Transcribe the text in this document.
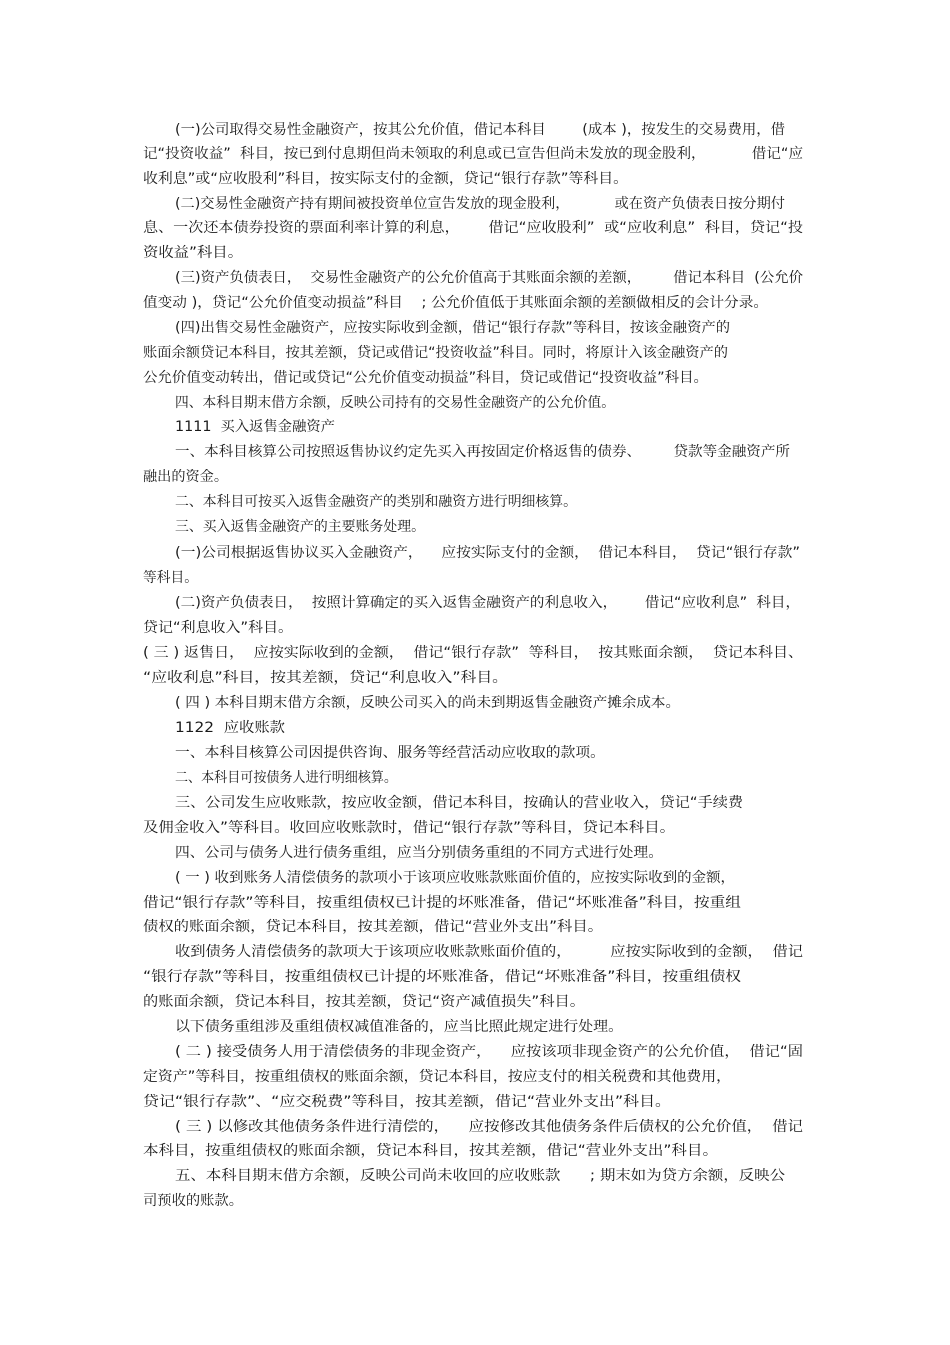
(一)公司取得交易性金融资产，按其公允价值，借记本科目        (成本 )，按发生的交易费用，借
记“投资收益”  科目，按已到付息期但尚未领取的利息或已宣告但尚未发放的现金股利，          借记“应
收利息”或“应收股利”科目，按实际支付的金额，贷记“银行存款”等科目。
(二)交易性金融资产持有期间被投资单位宣告发放的现金股利，          或在资产负债表日按分期付
息、一次还本债券投资的票面利率计算的利息，      借记“应收股利”  或“应收利息”  科目，贷记“投
资收益”科目。
(三)资产负债表日，  交易性金融资产的公允价值高于其账面余额的差额，       借记本科目  (公允价
值变动 )，贷记“公允价值变动损益”科目    ; 公允价值低于其账面余额的差额做相反的会计分录。
(四)出售交易性金融资产，应按实际收到金额，借记“银行存款”等科目，按该金融资产的
账面余额贷记本科目，按其差额，贷记或借记“投资收益”科目。同时，将原计入该金融资产的
公允价值变动转出，借记或贷记“公允价值变动损益”科目，贷记或借记“投资收益”科目。
四、本科目期末借方余额，反映公司持有的交易性金融资产的公允价值。
1111  买入返售金融资产
一、本科目核算公司按照返售协议约定先买入再按固定价格返售的债券、       贷款等金融资产所
融出的资金。
二、本科目可按买入返售金融资产的类别和融资方进行明细核算。
三、买入返售金融资产的主要账务处理。
(一)公司根据返售协议买入金融资产，    应按实际支付的金额，  借记本科目，  贷记“银行存款”
等科目。
(二)资产负债表日，  按照计算确定的买入返售金融资产的利息收入，      借记“应收利息”  科目，
贷记“利息收入”科目。
( 三 ) 返售日，  应按实际收到的金额，  借记“银行存款”  等科目，  按其账面余额，  贷记本科目、
“应收利息”科目，按其差额，贷记“利息收入”科目。
( 四 ) 本科目期末借方余额，反映公司买入的尚未到期返售金融资产摊余成本。
1122  应收账款
一、本科目核算公司因提供咨询、服务等经营活动应收取的款项。
二、本科目可按债务人进行明细核算。
三、公司发生应收账款，按应收金额，借记本科目，按确认的营业收入，贷记“手续费
及佣金收入”等科目。收回应收账款时，借记“银行存款”等科目，贷记本科目。
四、公司与债务人进行债务重组，应当分别债务重组的不同方式进行处理。
( 一 ) 收到账务人清偿债务的款项小于该项应收账款账面价值的，应按实际收到的金额，
借记“银行存款”等科目，按重组债权已计提的坏账准备，借记“坏账准备”科目，按重组
债权的账面余额，贷记本科目，按其差额，借记“营业外支出”科目。
收到债务人清偿债务的款项大于该项应收账款账面价值的，        应按实际收到的金额，  借记
“银行存款”等科目，按重组债权已计提的坏账准备，借记“坏账准备”科目，按重组债权
的账面余额，贷记本科目，按其差额，贷记“资产减值损失”科目。
以下债务重组涉及重组债权减值准备的，应当比照此规定进行处理。
( 二 ) 接受债务人用于清偿债务的非现金资产，    应按该项非现金资产的公允价值，  借记“固
定资产”等科目，按重组债权的账面余额，贷记本科目，按应支付的相关税费和其他费用，
贷记“银行存款”、“应交税费”等科目，按其差额，借记“营业外支出”科目。
( 三 ) 以修改其他债务条件进行清偿的，    应按修改其他债务条件后债权的公允价值，  借记
本科目，按重组债权的账面余额，贷记本科目，按其差额，借记“营业外支出”科目。
五、本科目期末借方余额，反映公司尚未收回的应收账款      ; 期末如为贷方余额，反映公
司预收的账款。
